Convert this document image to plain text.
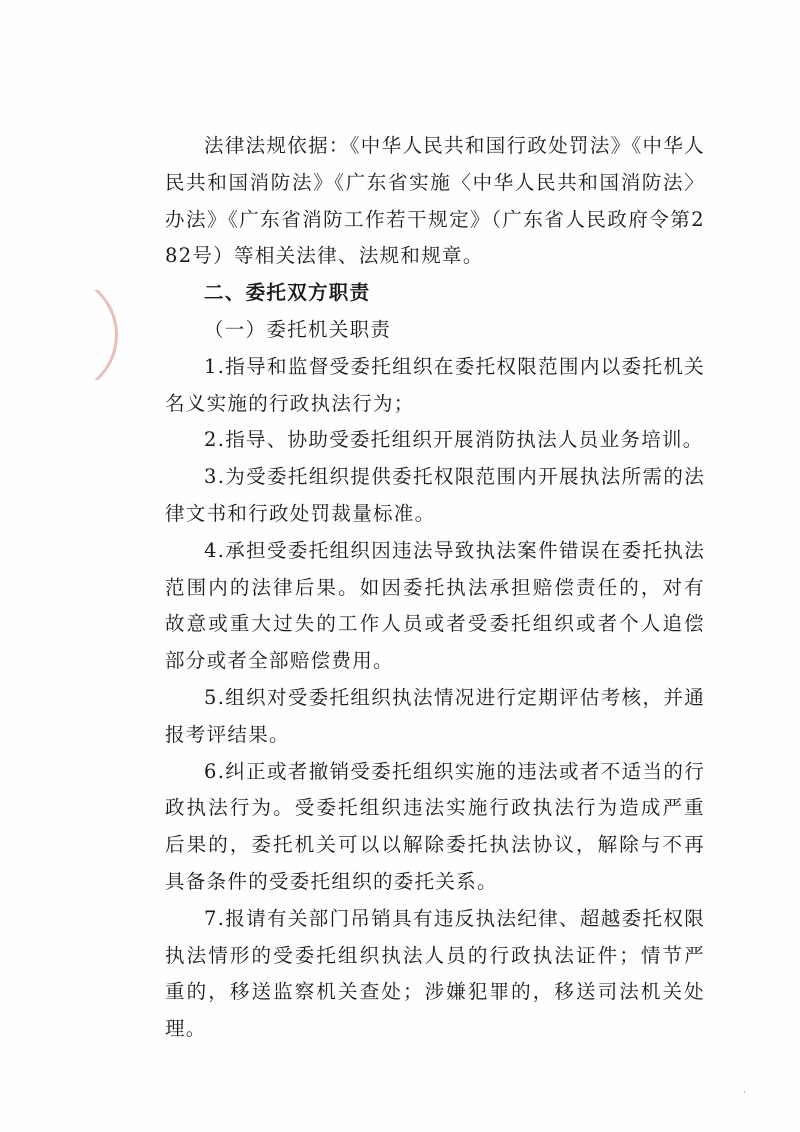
法律法规依据：《中华人民共和国行政处罚法》《中华人民共和国消防法》《广东省实施〈中华人民共和国消防法〉办法》《广东省消防工作若干规定》（广东省人民政府令第282号）等相关法律、法规和规章。

二、委托双方职责

（一）委托机关职责

1.指导和监督受委托组织在委托权限范围内以委托机关名义实施的行政执法行为；

2.指导、协助受委托组织开展消防执法人员业务培训。

3.为受委托组织提供委托权限范围内开展执法所需的法律文书和行政处罚裁量标准。

4.承担受委托组织因违法导致执法案件错误在委托执法范围内的法律后果。如因委托执法承担赔偿责任的，对有故意或重大过失的工作人员或者受委托组织或者个人追偿部分或者全部赔偿费用。

5.组织对受委托组织执法情况进行定期评估考核，并通报考评结果。

6.纠正或者撤销受委托组织实施的违法或者不适当的行政执法行为。受委托组织违法实施行政执法行为造成严重后果的，委托机关可以以解除委托执法协议，解除与不再具备条件的受委托组织的委托关系。

7.报请有关部门吊销具有违反执法纪律、超越委托权限执法情形的受委托组织执法人员的行政执法证件；情节严重的，移送监察机关查处；涉嫌犯罪的，移送司法机关处理。

·
